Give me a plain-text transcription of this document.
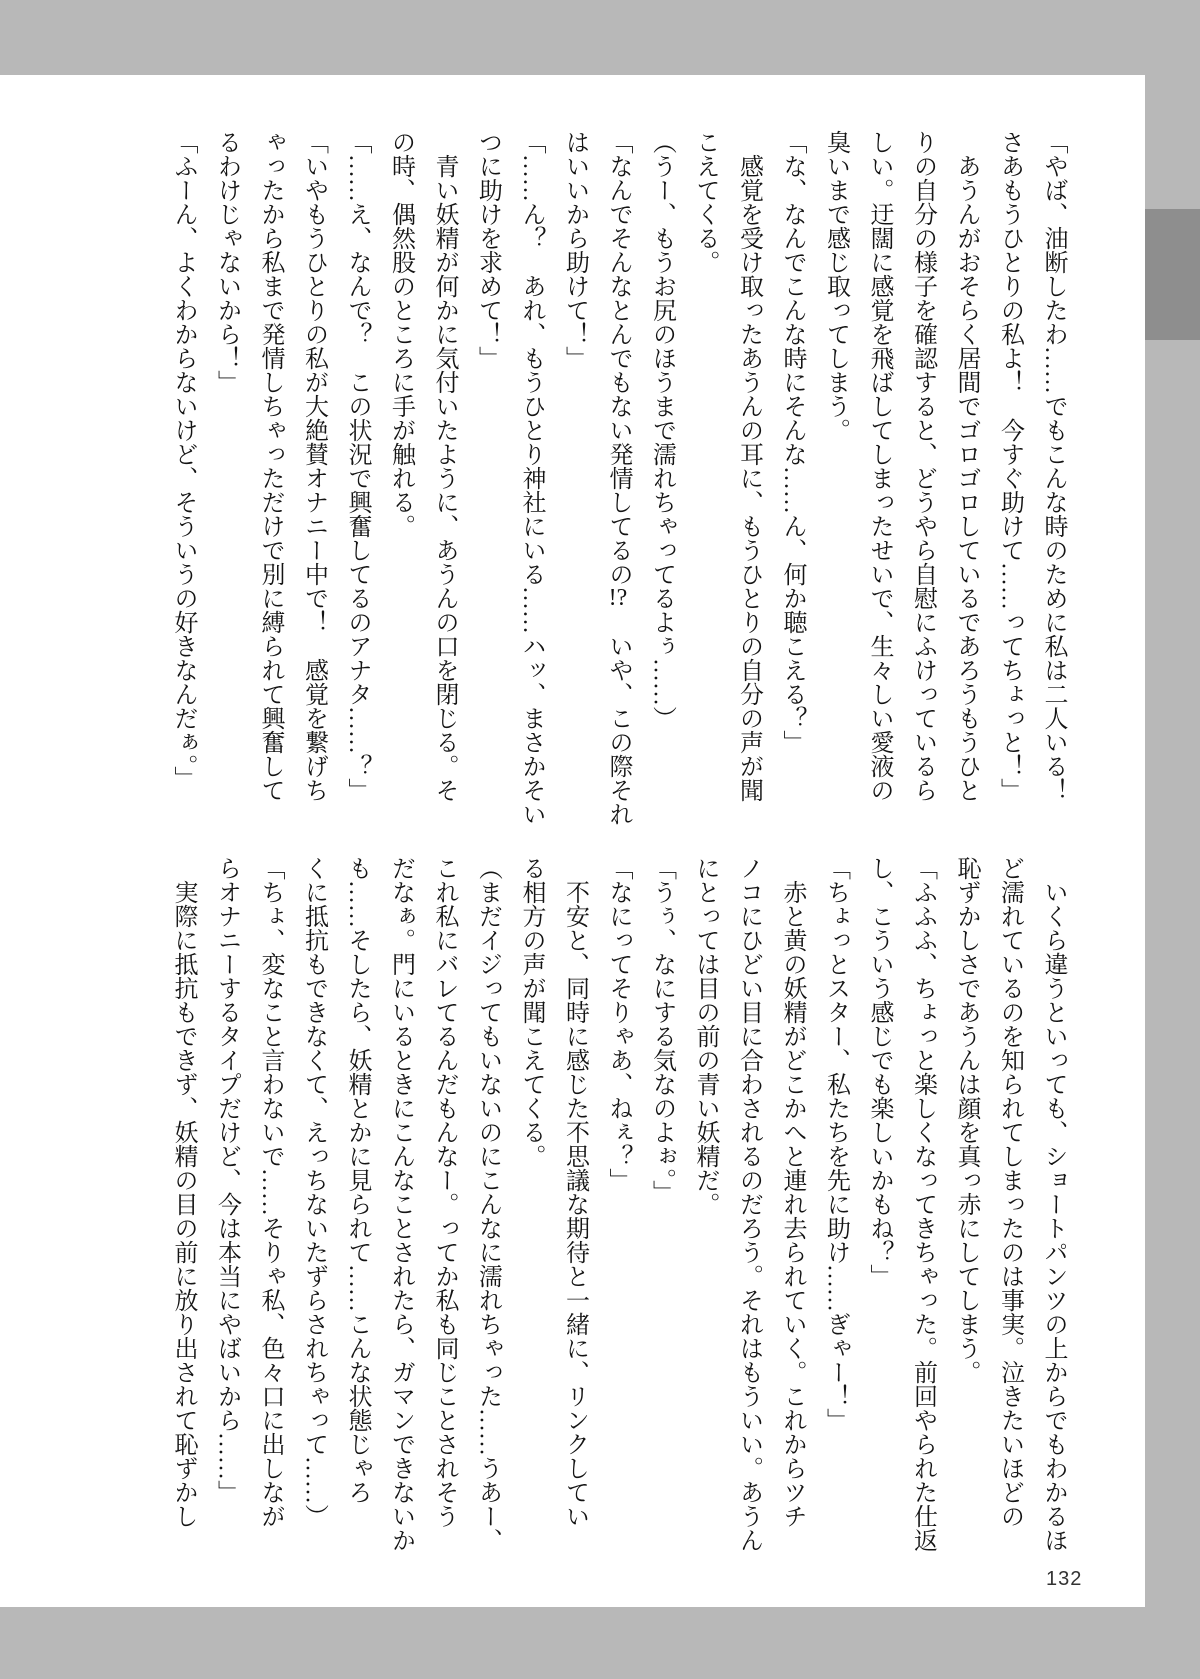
「やば、油断したわ……でもこんな時のために私は二人いる！
さあもうひとりの私よ！　今すぐ助けて……ってちょっと！」
　あうんがおそらく居間でゴロゴロしているであろうもうひと
りの自分の様子を確認すると、どうやら自慰にふけっているら
しい。迂闊に感覚を飛ばしてしまったせいで、生々しい愛液の
臭いまで感じ取ってしまう。
「な、なんでこんな時にそんな……ん、何か聴こえる？」
　感覚を受け取ったあうんの耳に、もうひとりの自分の声が聞
こえてくる。
（うー、もうお尻のほうまで濡れちゃってるよぅ……）
「なんでそんなとんでもない発情してるの!?　いや、この際それ
はいいから助けて！」
「……ん？　あれ、もうひとり神社にいる……ハッ、まさかそい
つに助けを求めて！」
　青い妖精が何かに気付いたように、あうんの口を閉じる。そ
の時、偶然股のところに手が触れる。
「……え、なんで？　この状況で興奮してるのアナタ……？」
「いやもうひとりの私が大絶賛オナニー中で！　感覚を繋げち
ゃったから私まで発情しちゃっただけで別に縛られて興奮して
るわけじゃないから！」
「ふーん、よくわからないけど、そういうの好きなんだぁ。」
　いくら違うといっても、ショートパンツの上からでもわかるほ
ど濡れているのを知られてしまったのは事実。泣きたいほどの
恥ずかしさであうんは顔を真っ赤にしてしまう。
「ふふふ、ちょっと楽しくなってきちゃった。前回やられた仕返
し、こういう感じでも楽しいかもね？」
「ちょっとスター、私たちを先に助け……ぎゃー！」
　赤と黄の妖精がどこかへと連れ去られていく。これからツチ
ノコにひどい目に合わされるのだろう。それはもういい。あうん
にとっては目の前の青い妖精だ。
「うぅ、なにする気なのよぉ。」
「なにってそりゃあ、ねぇ？」
　不安と、同時に感じた不思議な期待と一緒に、リンクしてい
る相方の声が聞こえてくる。
（まだイジってもいないのにこんなに濡れちゃった……うあー、
これ私にバレてるんだもんなー。ってか私も同じことされそう
だなぁ。門にいるときにこんなことされたら、ガマンできないか
も……そしたら、妖精とかに見られて……こんな状態じゃろ
くに抵抗もできなくて、えっちないたずらされちゃって……）
「ちょ、変なこと言わないで……そりゃ私、色々口に出しなが
らオナニーするタイプだけど、今は本当にやばいから……」
　実際に抵抗もできず、妖精の目の前に放り出されて恥ずかし
132
